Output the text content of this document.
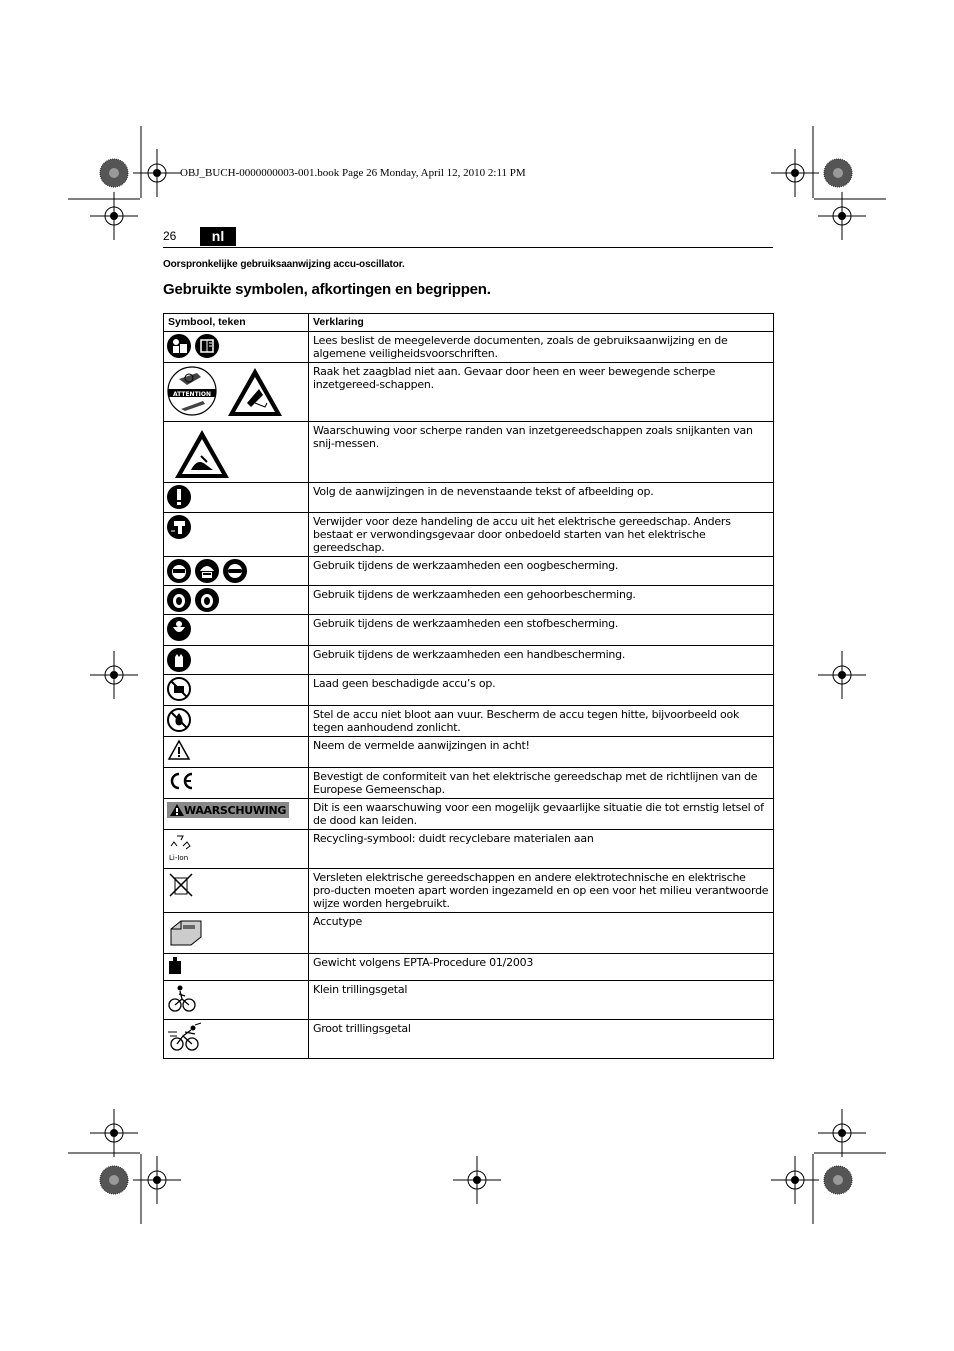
OBJ_BUCH-0000000003-001.book Page 26 Monday, April 12, 2010 2:11 PM
26	nl
Oorspronkelijke gebruiksaanwijzing accu-oscillator.
Gebruikte symbolen, afkortingen en begrippen.
Symbool, teken	Verklaring

	Lees beslist de meegeleverde documenten, zoals de gebruiksaanwijzing en de algemene veiligheidsvoorschriften.

ATTENTION	Raak het zaagblad niet aan. Gevaar door heen en weer bewegende scherpe inzetgereed-schappen.

	Waarschuwing voor scherpe randen van inzetgereedschappen zoals snijkanten van snij-messen.

	Volg de aanwijzingen in de nevenstaande tekst of afbeelding op.

	Verwijder voor deze handeling de accu uit het elektrische gereedschap. Anders bestaat er verwondingsgevaar door onbedoeld starten van het elektrische gereedschap.

	Gebruik tijdens de werkzaamheden een oogbescherming.

	Gebruik tijdens de werkzaamheden een gehoorbescherming.

	Gebruik tijdens de werkzaamheden een stofbescherming.

	Gebruik tijdens de werkzaamheden een handbescherming.

	Laad geen beschadigde accu’s op.

	Stel de accu niet bloot aan vuur. Bescherm de accu tegen hitte, bijvoorbeeld ook tegen aanhoudend zonlicht.

	Neem de vermelde aanwijzingen in acht!

	Bevestigt de conformiteit van het elektrische gereedschap met de richtlijnen van de Europese Gemeenschap.

WAARSCHUWING	Dit is een waarschuwing voor een mogelijk gevaarlijke situatie die tot ernstig letsel of de dood kan leiden.

Li-Ion	Recycling-symbool: duidt recyclebare materialen aan
	Versleten elektrische gereedschappen en andere elektrotechnische en elektrische pro-ducten moeten apart worden ingezameld en op een voor het milieu verantwoorde wijze worden hergebruikt.
	Accutype
	Gewicht volgens EPTA-Procedure 01/2003
	Klein trillingsgetal
	Groot trillingsgetal
